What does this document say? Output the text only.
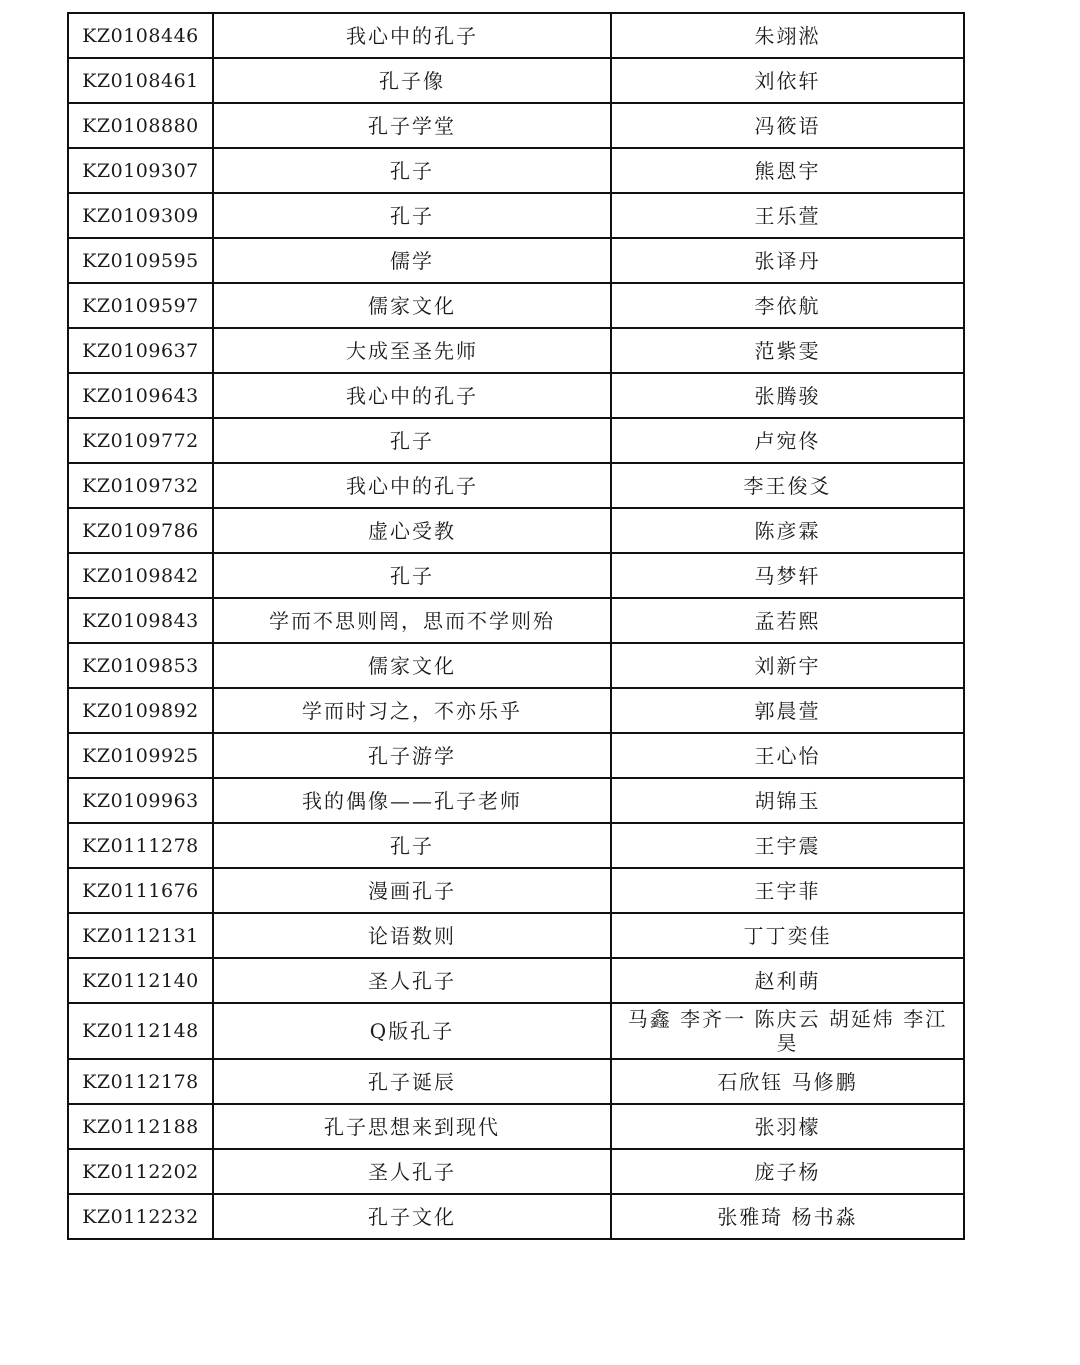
KZ0108446	我心中的孔子	朱翊淞
KZ0108461	孔子像	刘依轩
KZ0108880	孔子学堂	冯筱语
KZ0109307	孔子	熊恩宇
KZ0109309	孔子	王乐萱
KZ0109595	儒学	张译丹
KZ0109597	儒家文化	李依航
KZ0109637	大成至圣先师	范紫雯
KZ0109643	我心中的孔子	张腾骏
KZ0109772	孔子	卢宛佟
KZ0109732	我心中的孔子	李王俊爻
KZ0109786	虚心受教	陈彦霖
KZ0109842	孔子	马梦轩
KZ0109843	学而不思则罔，思而不学则殆	孟若熙
KZ0109853	儒家文化	刘新宇
KZ0109892	学而时习之，不亦乐乎	郭晨萱
KZ0109925	孔子游学	王心怡
KZ0109963	我的偶像——孔子老师	胡锦玉
KZ0111278	孔子	王宇震
KZ0111676	漫画孔子	王宇菲
KZ0112131	论语数则	丁丁奕佳
KZ0112140	圣人孔子	赵利萌
KZ0112148	Q版孔子	马鑫 李齐一 陈庆云 胡延炜 李江昊
KZ0112178	孔子诞辰	石欣钰 马修鹏
KZ0112188	孔子思想来到现代	张羽檬
KZ0112202	圣人孔子	庞子杨
KZ0112232	孔子文化	张雅琦 杨书淼
